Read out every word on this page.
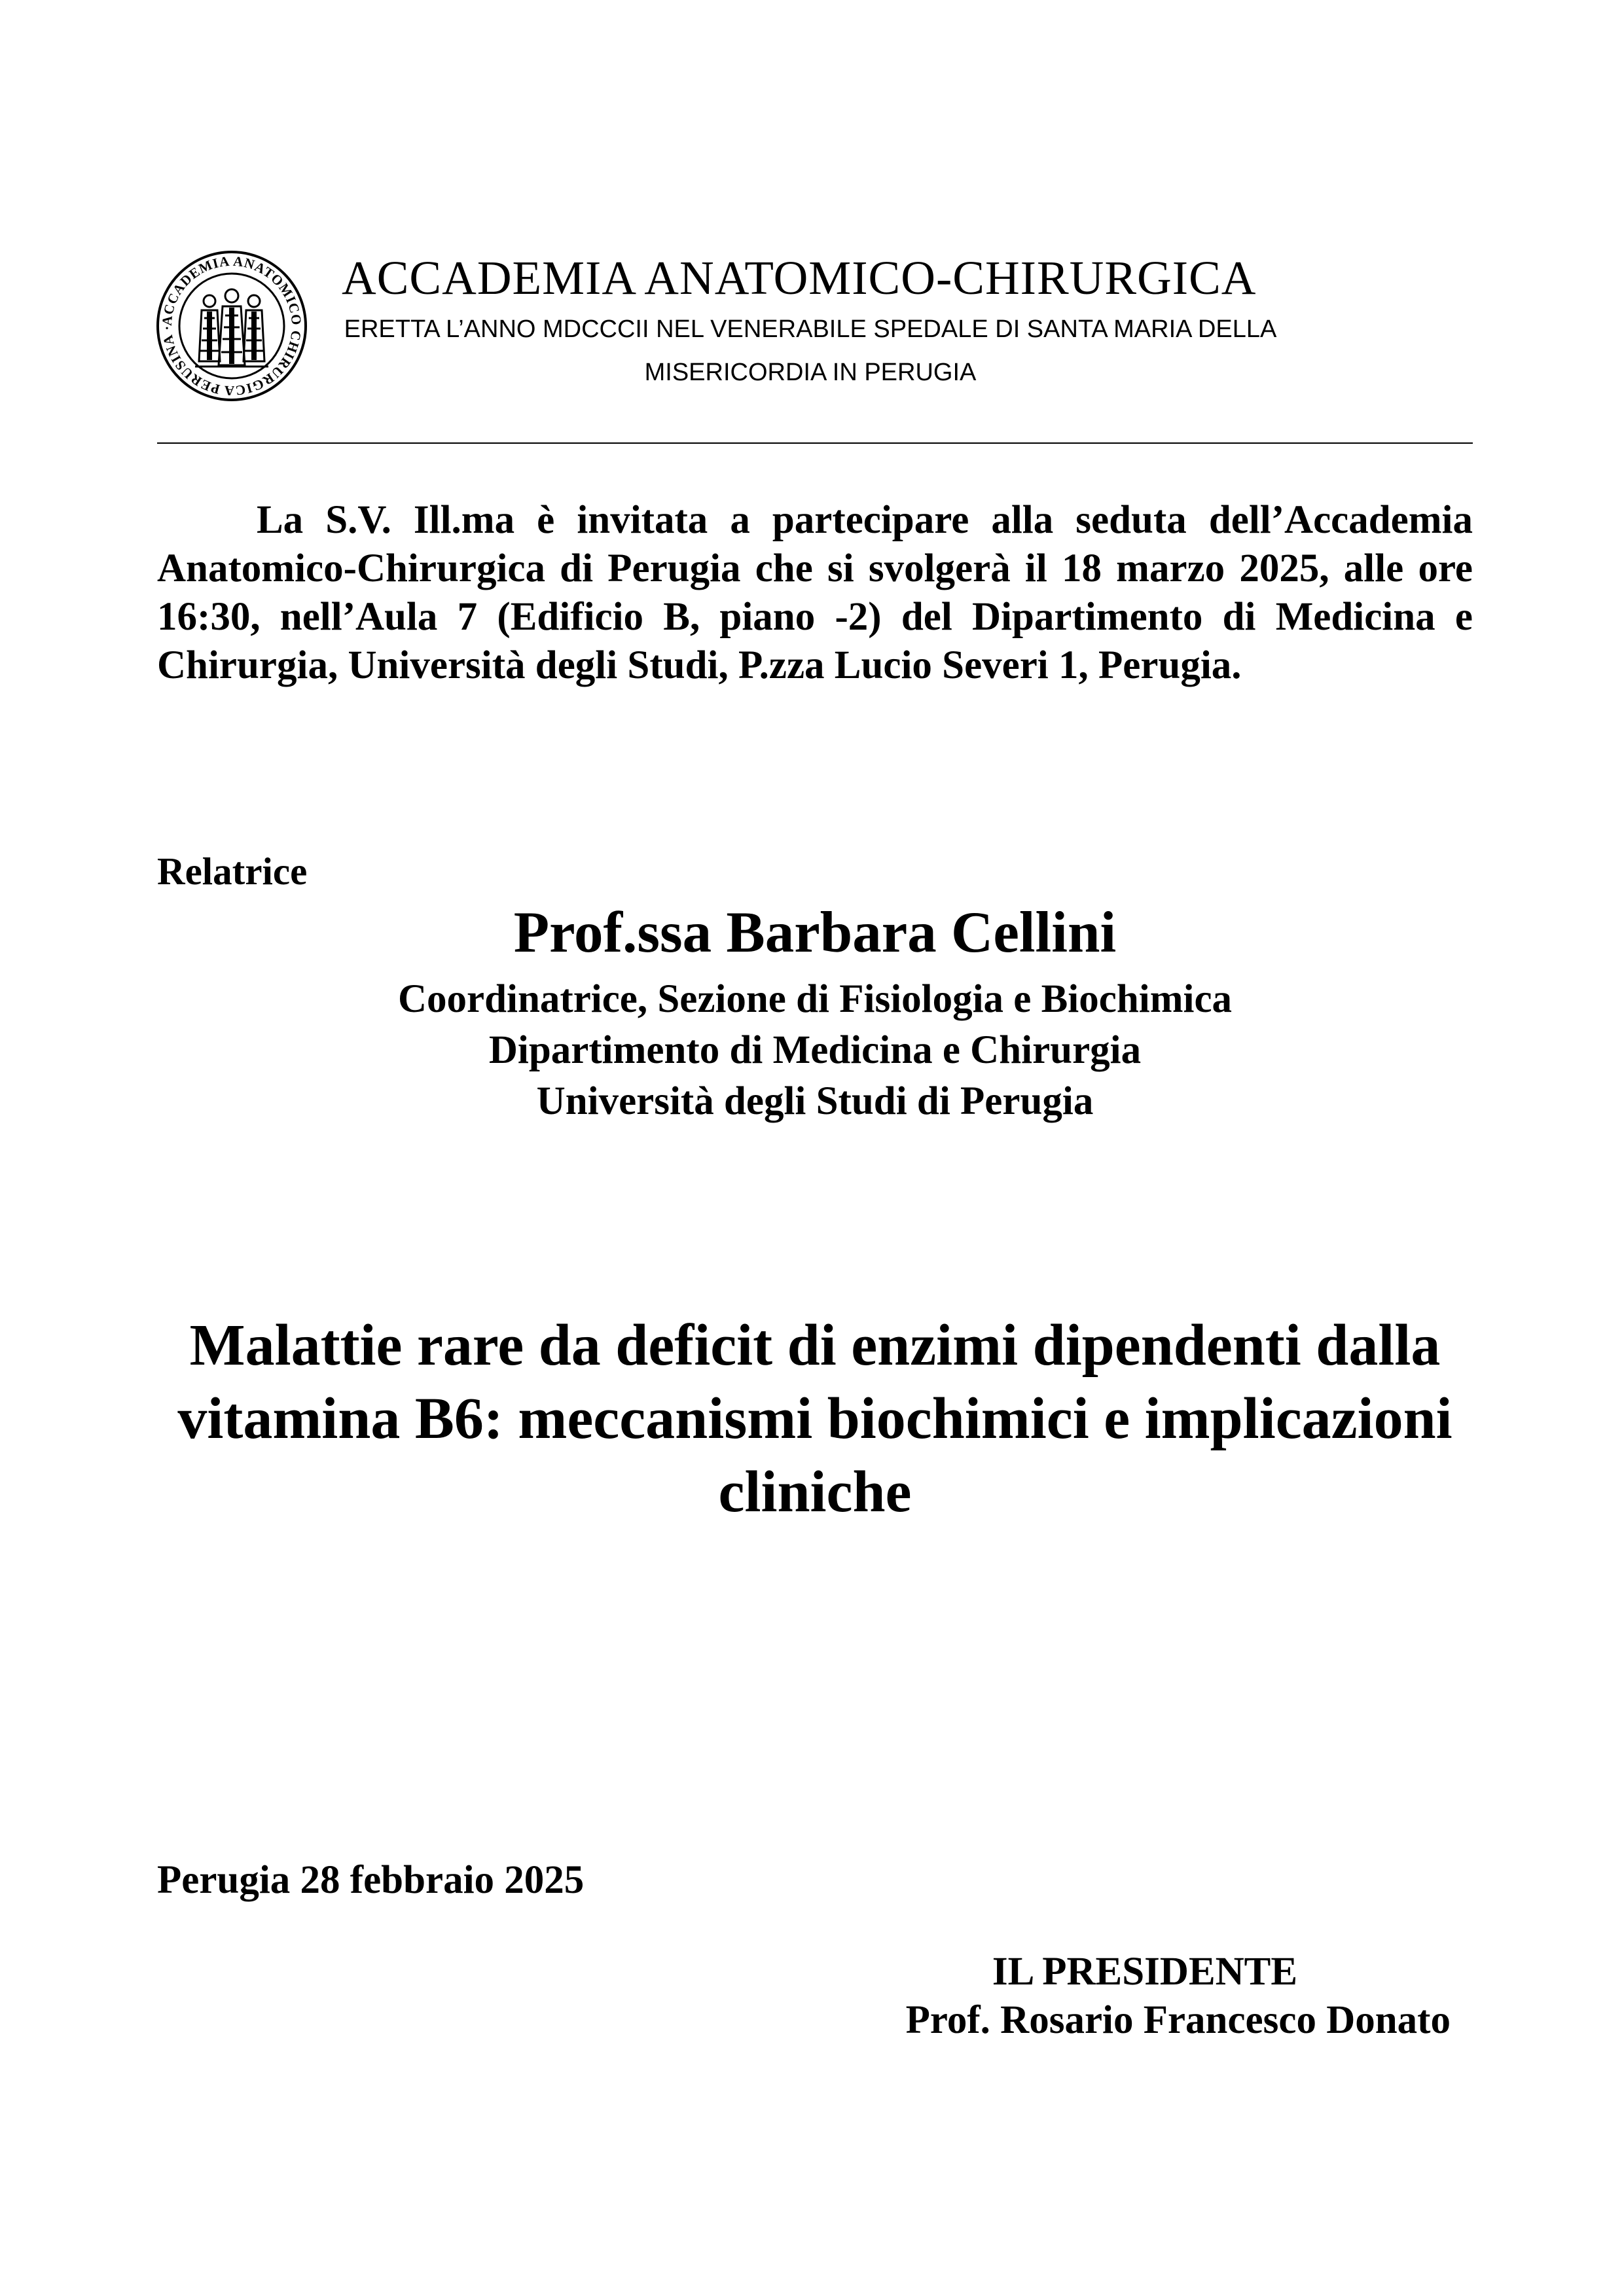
ACCADEMIA ANATOMICO CHIRURGICA PERUSINA ·
ACCADEMIA ANATOMICO-CHIRURGICA
ERETTA L’ANNO MDCCCII NEL VENERABILE SPEDALE DI SANTA MARIA DELLA
MISERICORDIA IN PERUGIA
La S.V. Ill.ma è invitata a partecipare alla seduta dell’Accademia Anatomico-Chirurgica di Perugia che si svolgerà il 18 marzo 2025, alle ore 16:30, nell’Aula 7 (Edificio B, piano -2) del Dipartimento di Medicina e Chirurgia, Università degli Studi, P.zza Lucio Severi 1, Perugia.
Relatrice
Prof.ssa Barbara Cellini
Coordinatrice, Sezione di Fisiologia e Biochimica
Dipartimento di Medicina e Chirurgia
Università degli Studi di Perugia
Malattie rare da deficit di enzimi dipendenti dalla vitamina B6: meccanismi biochimici e implicazioni cliniche
Perugia 28 febbraio 2025
IL PRESIDENTE
Prof. Rosario Francesco Donato
